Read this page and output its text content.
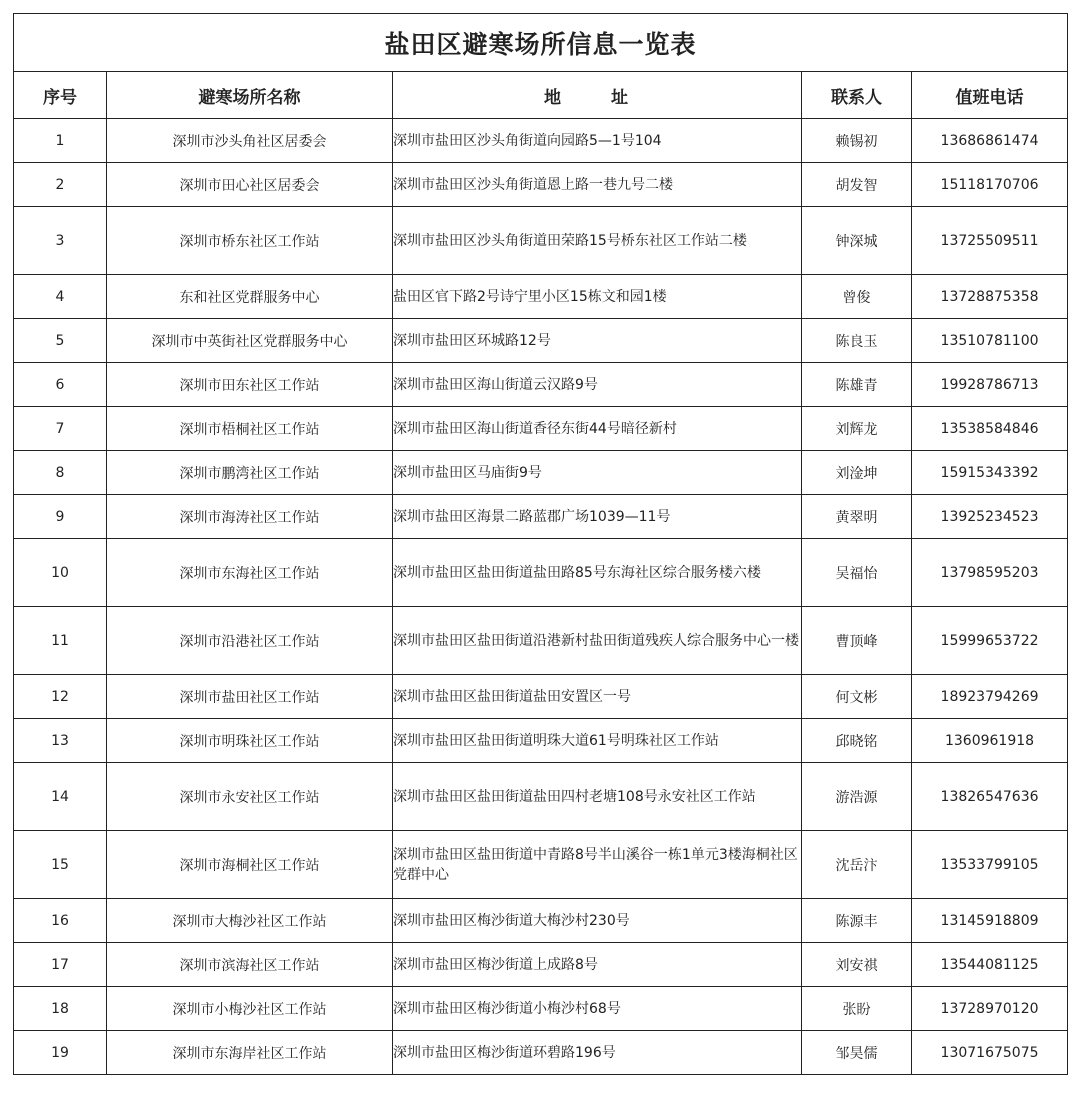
盐田区避寒场所信息一览表				
序号	避寒场所名称	地 址	联系人	值班电话
1	深圳市沙头角社区居委会	深圳市盐田区沙头角街道向园路5—1号104	赖锡初	13686861474
2	深圳市田心社区居委会	深圳市盐田区沙头角街道恩上路一巷九号二楼	胡发智	15118170706
3	深圳市桥东社区工作站	深圳市盐田区沙头角街道田荣路15号桥东社区工作站二楼	钟深城	13725509511
4	东和社区党群服务中心	盐田区官下路2号诗宁里小区15栋文和园1楼	曾俊	13728875358
5	深圳市中英街社区党群服务中心	深圳市盐田区环城路12号	陈良玉	13510781100
6	深圳市田东社区工作站	深圳市盐田区海山街道云汉路9号	陈雄青	19928786713
7	深圳市梧桐社区工作站	深圳市盐田区海山街道香径东街44号暗径新村	刘辉龙	13538584846
8	深圳市鹏湾社区工作站	深圳市盐田区马庙街9号	刘淦坤	15915343392
9	深圳市海涛社区工作站	深圳市盐田区海景二路蓝郡广场1039—11号	黄翠明	13925234523
10	深圳市东海社区工作站	深圳市盐田区盐田街道盐田路85号东海社区综合服务楼六楼	吴福怡	13798595203
11	深圳市沿港社区工作站	深圳市盐田区盐田街道沿港新村盐田街道残疾人综合服务中心一楼	曹顶峰	15999653722
12	深圳市盐田社区工作站	深圳市盐田区盐田街道盐田安置区一号	何文彬	18923794269
13	深圳市明珠社区工作站	深圳市盐田区盐田街道明珠大道61号明珠社区工作站	邱晓铭	1360961918
14	深圳市永安社区工作站	深圳市盐田区盐田街道盐田四村老塘108号永安社区工作站	游浩源	13826547636
15	深圳市海桐社区工作站	深圳市盐田区盐田街道中青路8号半山溪谷一栋1单元3楼海桐社区党群中心	沈岳汴	13533799105
16	深圳市大梅沙社区工作站	深圳市盐田区梅沙街道大梅沙村230号	陈源丰	13145918809
17	深圳市滨海社区工作站	深圳市盐田区梅沙街道上成路8号	刘安祺	13544081125
18	深圳市小梅沙社区工作站	深圳市盐田区梅沙街道小梅沙村68号	张盼	13728970120
19	深圳市东海岸社区工作站	深圳市盐田区梅沙街道环碧路196号	邹昊儒	13071675075
